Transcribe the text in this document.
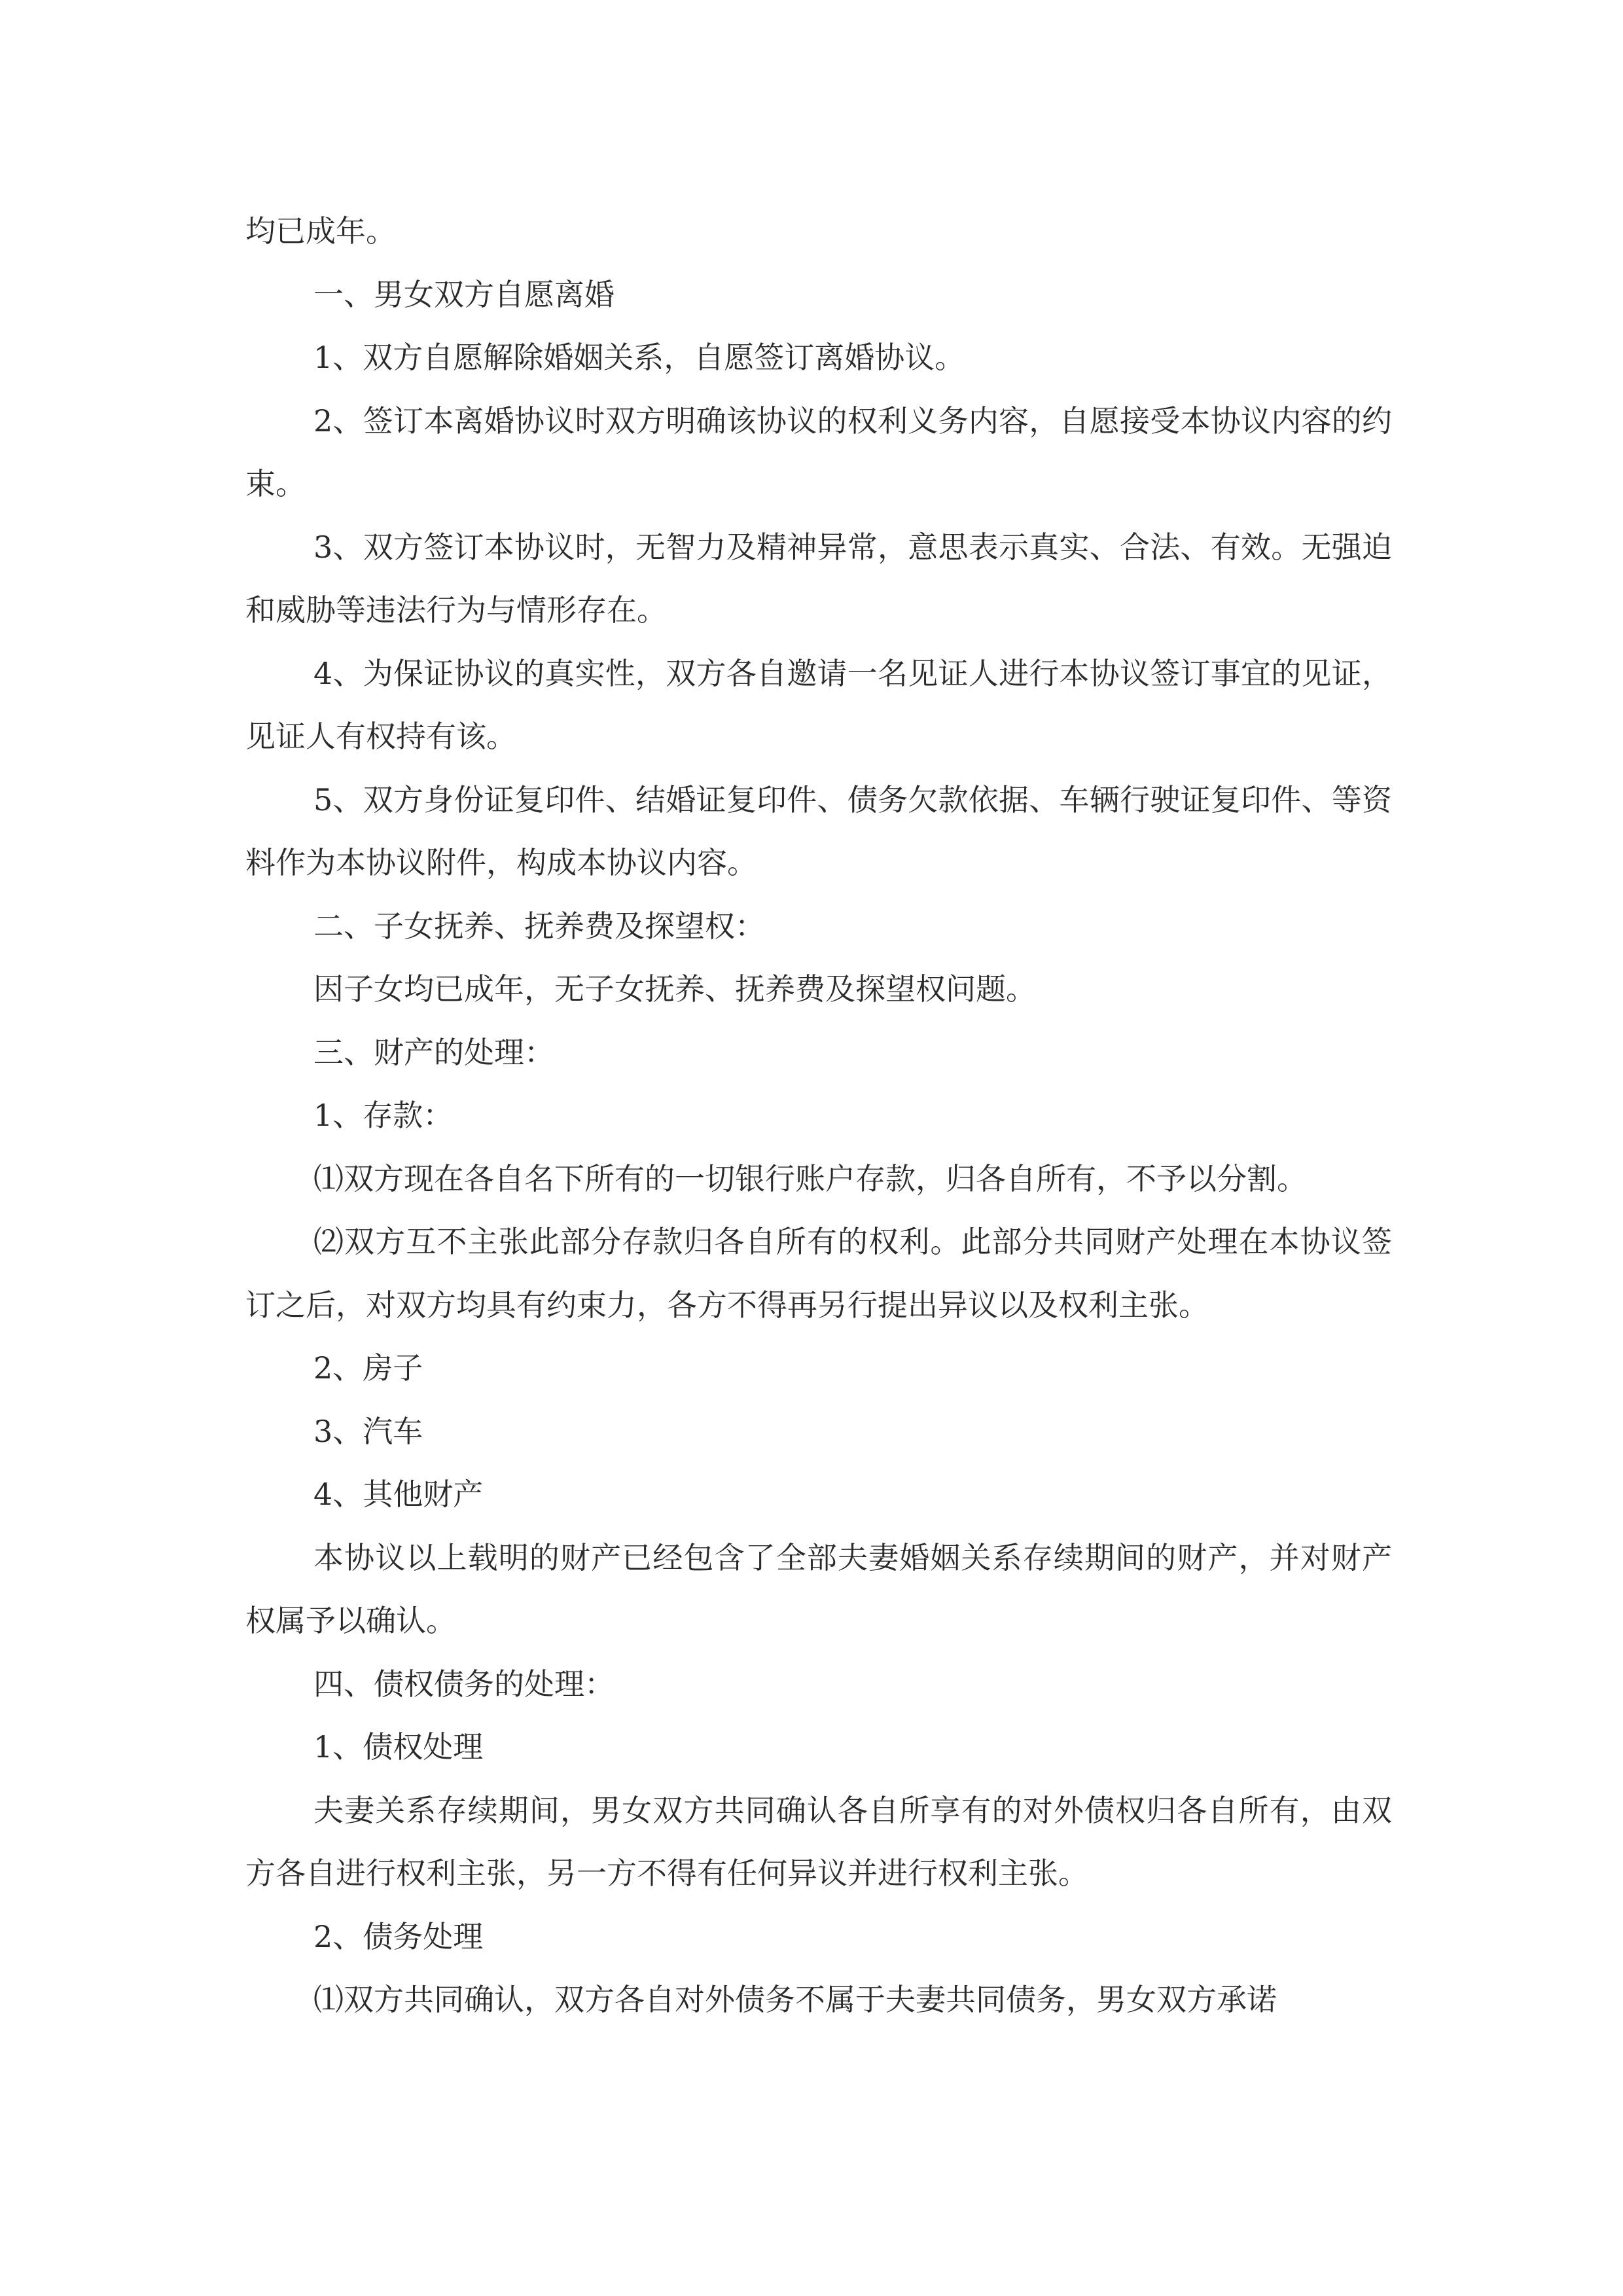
均已成年。

一、男女双方自愿离婚

1、双方自愿解除婚姻关系，自愿签订离婚协议。

2、签订本离婚协议时双方明确该协议的权利义务内容，自愿接受本协议内容的约束。

3、双方签订本协议时，无智力及精神异常，意思表示真实、合法、有效。无强迫和威胁等违法行为与情形存在。

4、为保证协议的真实性，双方各自邀请一名见证人进行本协议签订事宜的见证，见证人有权持有该。

5、双方身份证复印件、结婚证复印件、债务欠款依据、车辆行驶证复印件、等资料作为本协议附件，构成本协议内容。

二、子女抚养、抚养费及探望权：

因子女均已成年，无子女抚养、抚养费及探望权问题。

三、财产的处理：

1、存款：

⑴双方现在各自名下所有的一切银行账户存款，归各自所有，不予以分割。

⑵双方互不主张此部分存款归各自所有的权利。此部分共同财产处理在本协议签订之后，对双方均具有约束力，各方不得再另行提出异议以及权利主张。

2、房子

3、汽车

4、其他财产

本协议以上载明的财产已经包含了全部夫妻婚姻关系存续期间的财产，并对财产权属予以确认。

四、债权债务的处理：

1、债权处理

夫妻关系存续期间，男女双方共同确认各自所享有的对外债权归各自所有，由双方各自进行权利主张，另一方不得有任何异议并进行权利主张。

2、债务处理

⑴双方共同确认，双方各自对外债务不属于夫妻共同债务，男女双方承诺
